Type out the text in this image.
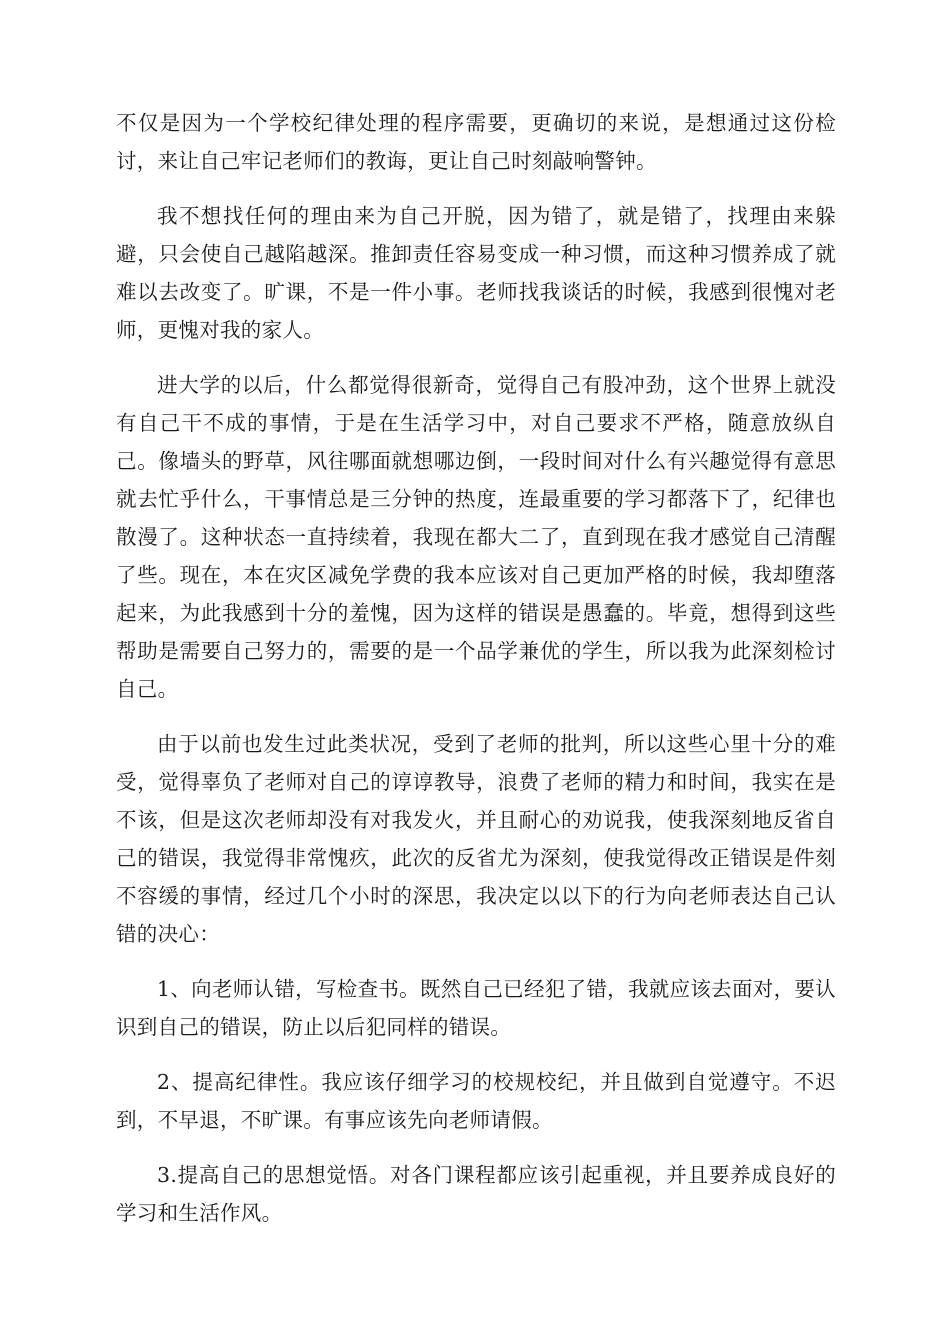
不仅是因为一个学校纪律处理的程序需要，更确切的来说，是想通过这份检讨，来让自己牢记老师们的教诲，更让自己时刻敲响警钟。

我不想找任何的理由来为自己开脱，因为错了，就是错了，找理由来躲避，只会使自己越陷越深。推卸责任容易变成一种习惯，而这种习惯养成了就难以去改变了。旷课，不是一件小事。老师找我谈话的时候，我感到很愧对老师，更愧对我的家人。

进大学的以后，什么都觉得很新奇，觉得自己有股冲劲，这个世界上就没有自己干不成的事情，于是在生活学习中，对自己要求不严格，随意放纵自己。像墙头的野草，风往哪面就想哪边倒，一段时间对什么有兴趣觉得有意思就去忙乎什么，干事情总是三分钟的热度，连最重要的学习都落下了，纪律也散漫了。这种状态一直持续着，我现在都大二了，直到现在我才感觉自己清醒了些。现在，本在灾区减免学费的我本应该对自己更加严格的时候，我却堕落起来，为此我感到十分的羞愧，因为这样的错误是愚蠢的。毕竟，想得到这些帮助是需要自己努力的，需要的是一个品学兼优的学生，所以我为此深刻检讨自己。

由于以前也发生过此类状况，受到了老师的批判，所以这些心里十分的难受，觉得辜负了老师对自己的谆谆教导，浪费了老师的精力和时间，我实在是不该，但是这次老师却没有对我发火，并且耐心的劝说我，使我深刻地反省自己的错误，我觉得非常愧疚，此次的反省尤为深刻，使我觉得改正错误是件刻不容缓的事情，经过几个小时的深思，我决定以以下的行为向老师表达自己认错的决心：

1、向老师认错，写检查书。既然自己已经犯了错，我就应该去面对，要认识到自己的错误，防止以后犯同样的错误。

2、提高纪律性。我应该仔细学习的校规校纪，并且做到自觉遵守。不迟到，不早退，不旷课。有事应该先向老师请假。

3.提高自己的思想觉悟。对各门课程都应该引起重视，并且要养成良好的学习和生活作风。
